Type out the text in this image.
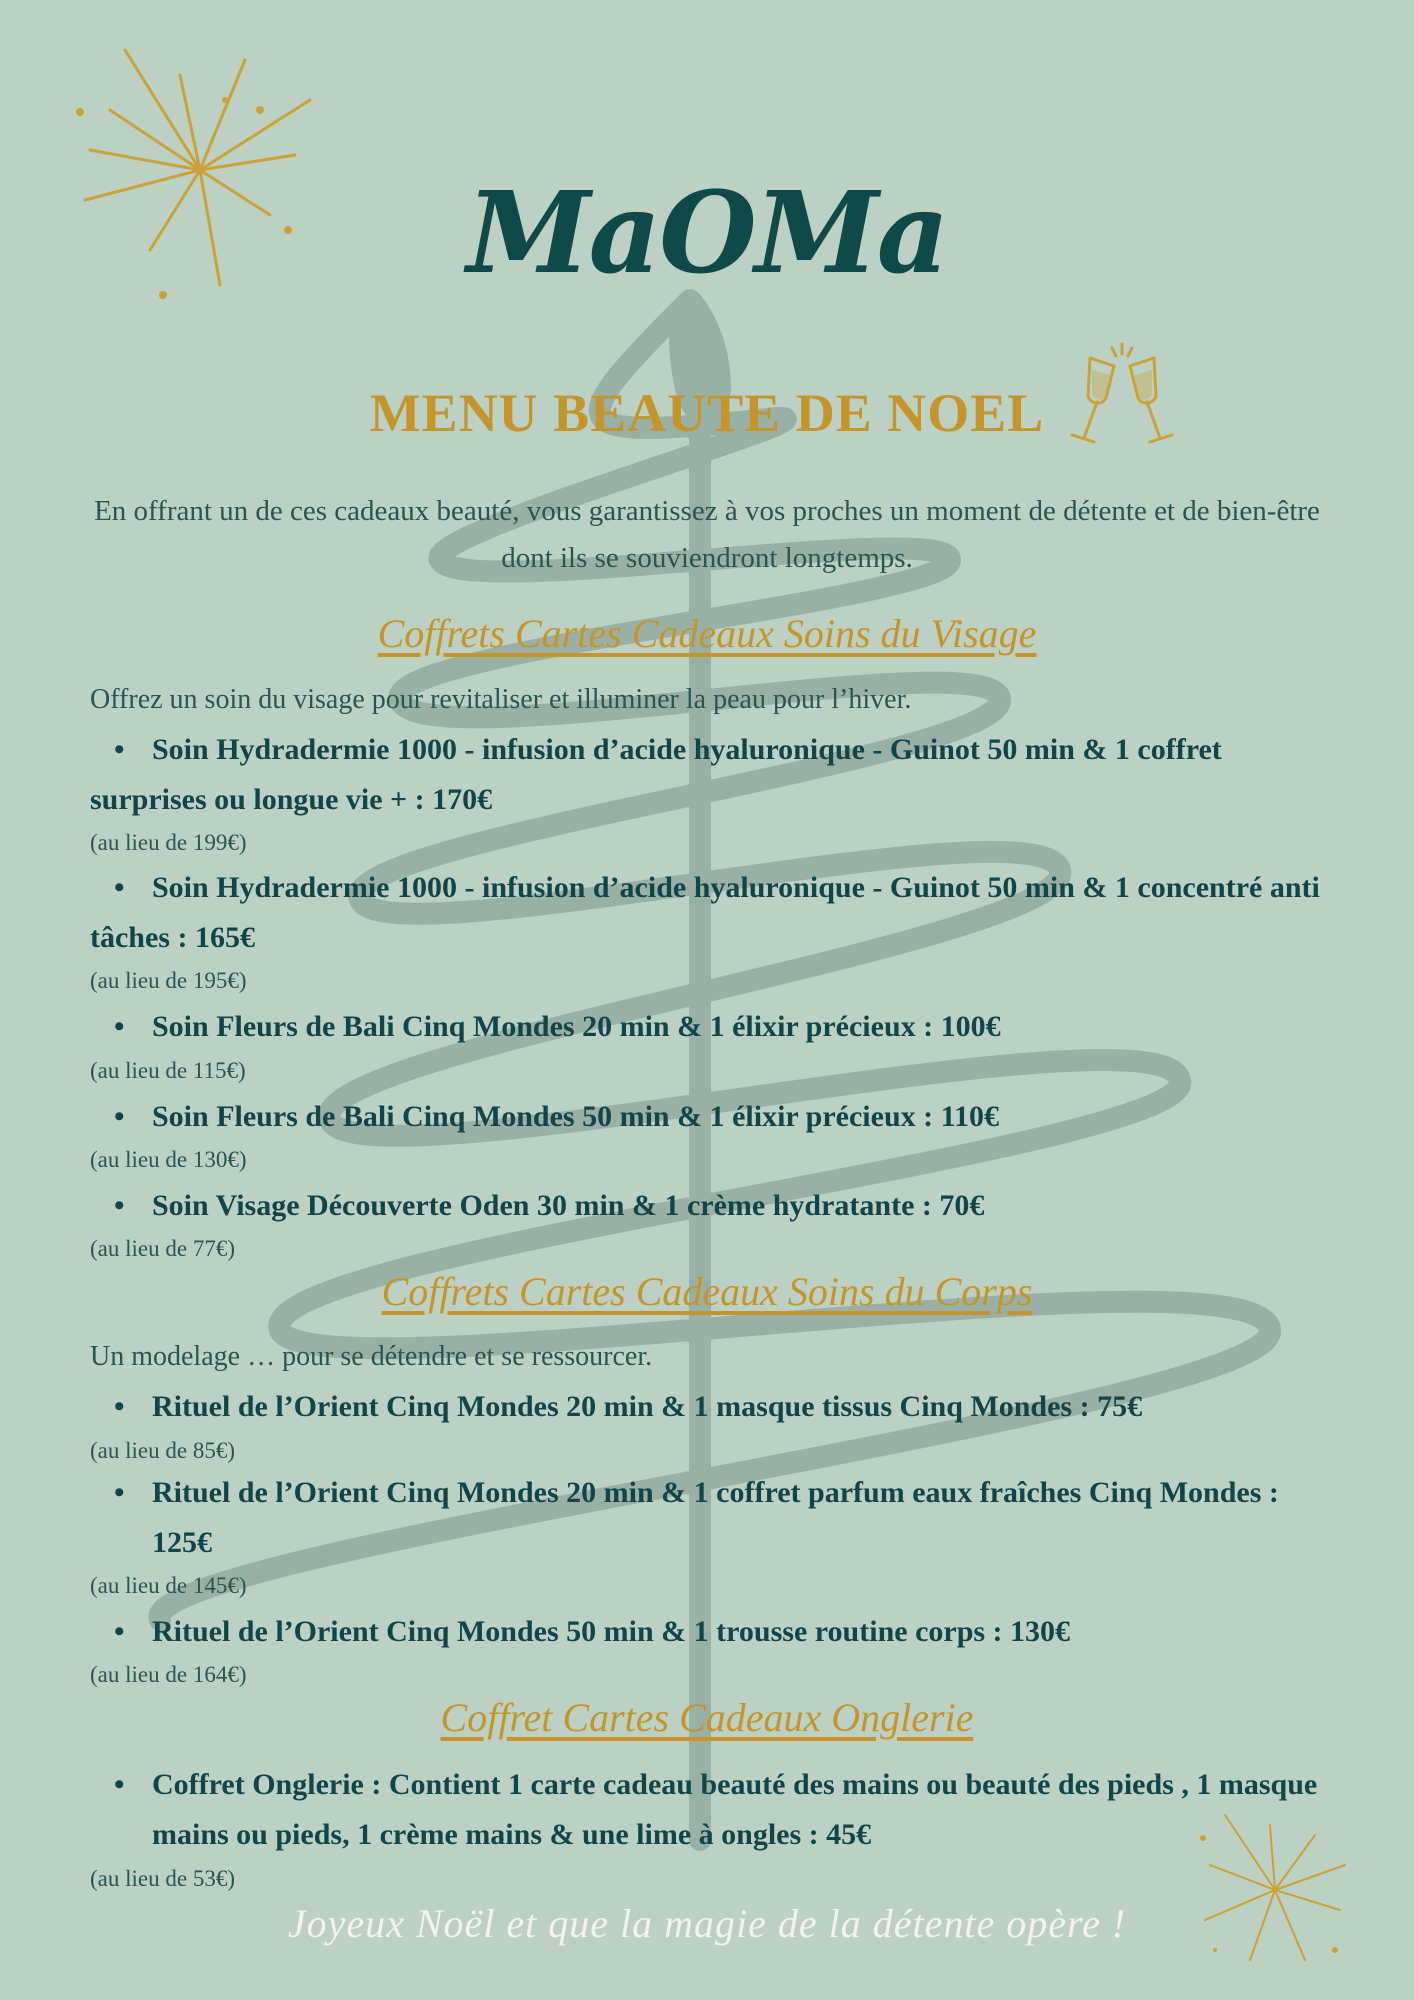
MaOMa
MENU BEAUTE DE NOEL
En offrant un de ces cadeaux beauté, vous garantissez à vos proches un moment de détente et de bien-être dont ils se souviendront longtemps.
Coffrets Cartes Cadeaux Soins du Visage
Offrez un soin du visage pour revitaliser et illuminer la peau pour l’hiver.
• Soin Hydradermie 1000 - infusion d’acide hyaluronique - Guinot 50 min & 1 coffret surprises ou longue vie + : 170€
(au lieu de 199€)
• Soin Hydradermie 1000 - infusion d’acide hyaluronique - Guinot 50 min & 1 concentré anti tâches : 165€
(au lieu de 195€)
• Soin Fleurs de Bali Cinq Mondes 20 min & 1 élixir précieux : 100€
(au lieu de 115€)
• Soin Fleurs de Bali Cinq Mondes 50 min & 1 élixir précieux : 110€
(au lieu de 130€)
• Soin Visage Découverte Oden 30 min & 1 crème hydratante : 70€
(au lieu de 77€)
Coffrets Cartes Cadeaux Soins du Corps
Un modelage … pour se détendre et se ressourcer.
• Rituel de l’Orient Cinq Mondes 20 min & 1 masque tissus Cinq Mondes : 75€
(au lieu de 85€)
• Rituel de l’Orient Cinq Mondes 20 min & 1 coffret parfum eaux fraîches Cinq Mondes : 125€
(au lieu de 145€)
• Rituel de l’Orient Cinq Mondes 50 min & 1 trousse routine corps : 130€
(au lieu de 164€)
Coffret Cartes Cadeaux Onglerie
• Coffret Onglerie : Contient 1 carte cadeau beauté des mains ou beauté des pieds , 1 masque mains ou pieds, 1 crème mains & une lime à ongles : 45€
(au lieu de 53€)
Joyeux Noël et que la magie de la détente opère !
